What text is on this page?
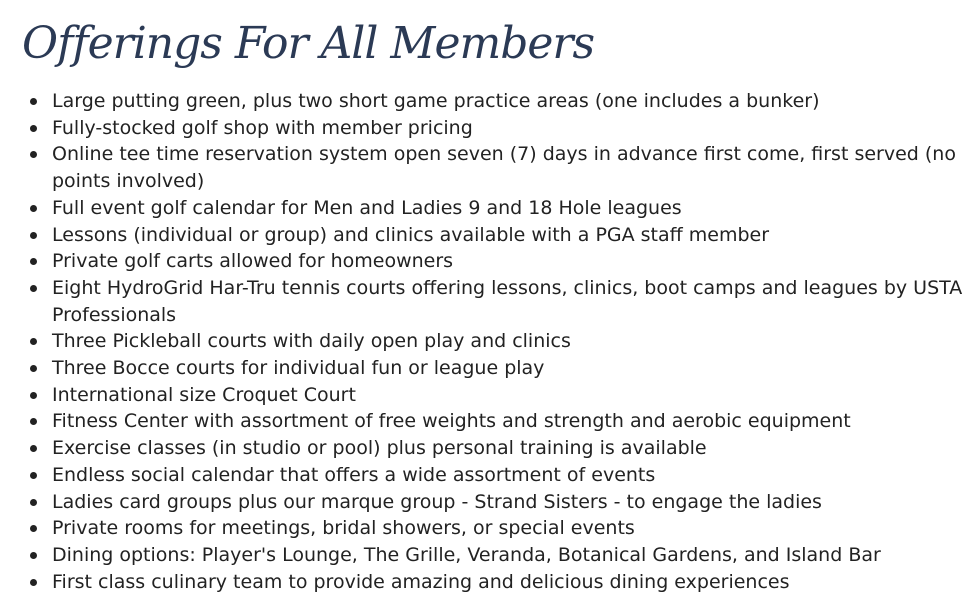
Offerings For All Members
Large putting green, plus two short game practice areas (one includes a bunker)
Fully-stocked golf shop with member pricing
Online tee time reservation system open seven (7) days in advance first come, first served (no points involved)
Full event golf calendar for Men and Ladies 9 and 18 Hole leagues
Lessons (individual or group) and clinics available with a PGA staff member
Private golf carts allowed for homeowners
Eight HydroGrid Har-Tru tennis courts offering lessons, clinics, boot camps and leagues by USTA Professionals
Three Pickleball courts with daily open play and clinics
Three Bocce courts for individual fun or league play
International size Croquet Court
Fitness Center with assortment of free weights and strength and aerobic equipment
Exercise classes (in studio or pool) plus personal training is available
Endless social calendar that offers a wide assortment of events
Ladies card groups plus our marque group - Strand Sisters - to engage the ladies
Private rooms for meetings, bridal showers, or special events
Dining options: Player's Lounge, The Grille, Veranda, Botanical Gardens, and Island Bar
First class culinary team to provide amazing and delicious dining experiences
